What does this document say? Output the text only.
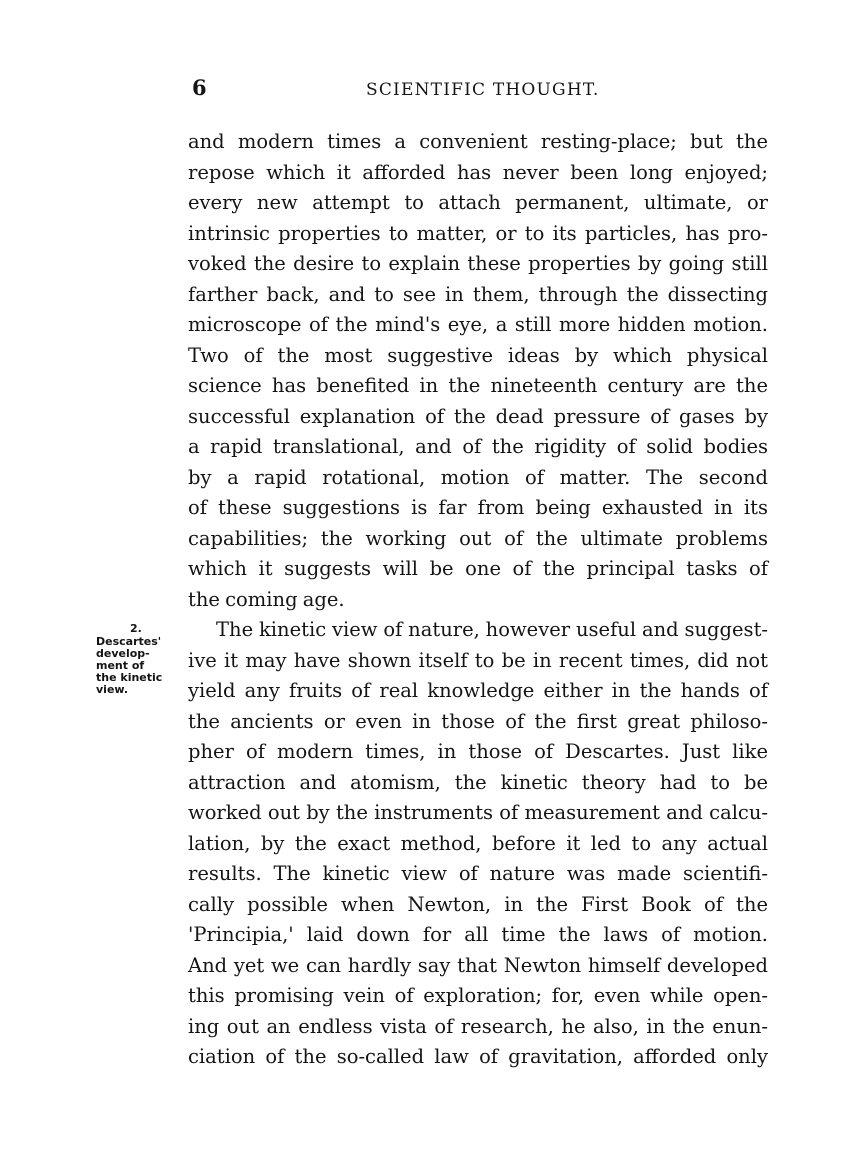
6	SCIENTIFIC THOUGHT.
2.
Descartes'
develop-
ment of
the kinetic
view.
and modern times a convenient resting-place; but the
repose which it afforded has never been long enjoyed;
every new attempt to attach permanent, ultimate, or
intrinsic properties to matter, or to its particles, has pro-
voked the desire to explain these properties by going still
farther back, and to see in them, through the dissecting
microscope of the mind's eye, a still more hidden motion.
Two of the most suggestive ideas by which physical
science has benefited in the nineteenth century are the
successful explanation of the dead pressure of gases by
a rapid translational, and of the rigidity of solid bodies
by a rapid rotational, motion of matter. The second
of these suggestions is far from being exhausted in its
capabilities; the working out of the ultimate problems
which it suggests will be one of the principal tasks of
the coming age.
The kinetic view of nature, however useful and suggest-
ive it may have shown itself to be in recent times, did not
yield any fruits of real knowledge either in the hands of
the ancients or even in those of the first great philoso-
pher of modern times, in those of Descartes. Just like
attraction and atomism, the kinetic theory had to be
worked out by the instruments of measurement and calcu-
lation, by the exact method, before it led to any actual
results. The kinetic view of nature was made scientifi-
cally possible when Newton, in the First Book of the
'Principia,' laid down for all time the laws of motion.
And yet we can hardly say that Newton himself developed
this promising vein of exploration; for, even while open-
ing out an endless vista of research, he also, in the enun-
ciation of the so-called law of gravitation, afforded only
